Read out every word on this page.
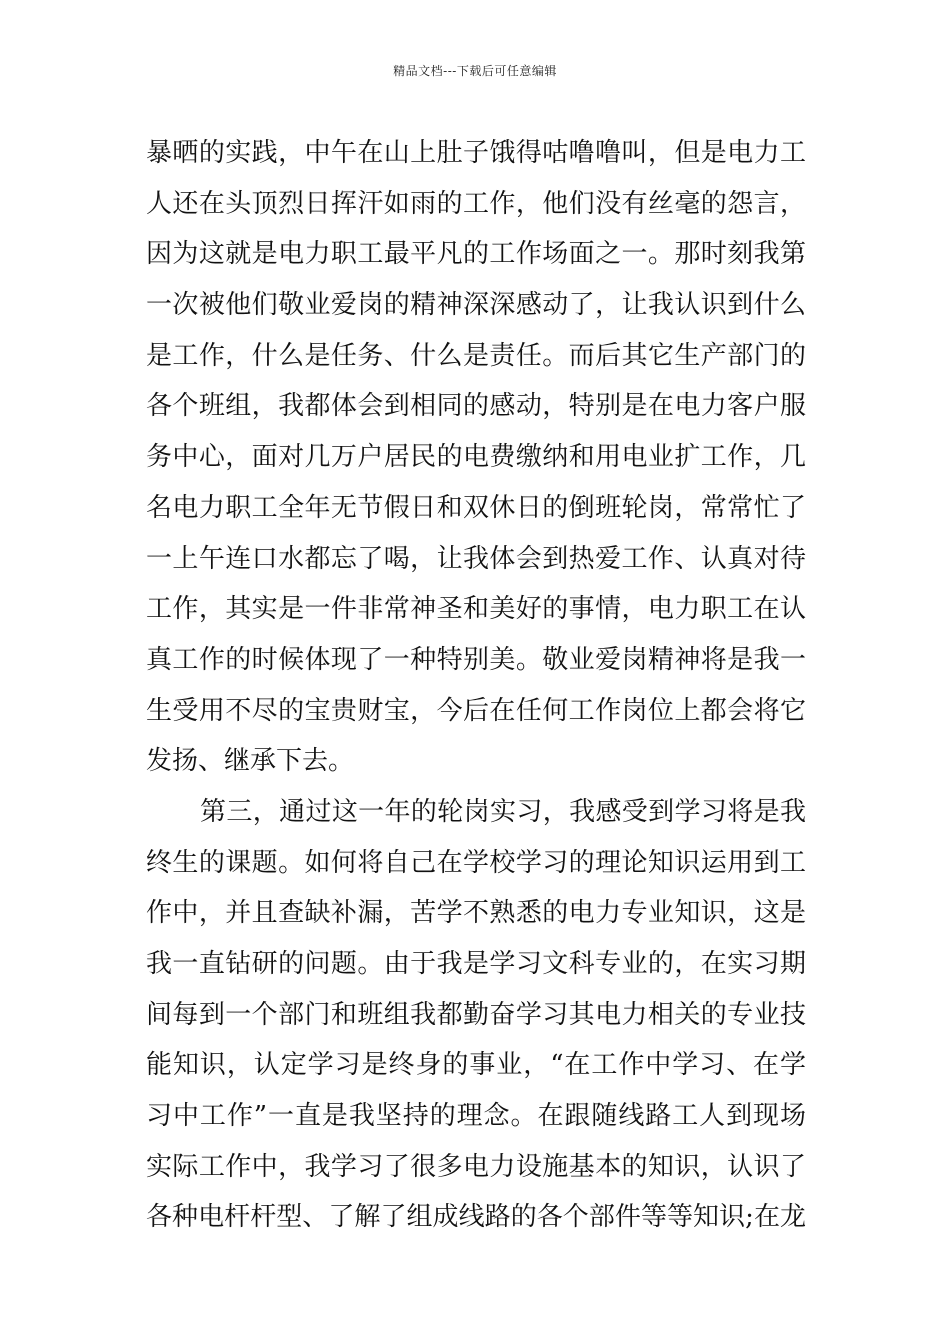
精品文档---下载后可任意编辑
暴晒的实践，中午在山上肚子饿得咕噜噜叫，但是电力工
人还在头顶烈日挥汗如雨的工作，他们没有丝毫的怨言，
因为这就是电力职工最平凡的工作场面之一。那时刻我第
一次被他们敬业爱岗的精神深深感动了，让我认识到什么
是工作，什么是任务、什么是责任。而后其它生产部门的
各个班组，我都体会到相同的感动，特别是在电力客户服
务中心，面对几万户居民的电费缴纳和用电业扩工作，几
名电力职工全年无节假日和双休日的倒班轮岗，常常忙了
一上午连口水都忘了喝，让我体会到热爱工作、认真对待
工作，其实是一件非常神圣和美好的事情，电力职工在认
真工作的时候体现了一种特别美。敬业爱岗精神将是我一
生受用不尽的宝贵财宝，今后在任何工作岗位上都会将它
发扬、继承下去。
第三，通过这一年的轮岗实习，我感受到学习将是我
终生的课题。如何将自己在学校学习的理论知识运用到工
作中，并且查缺补漏，苦学不熟悉的电力专业知识，这是
我一直钻研的问题。由于我是学习文科专业的，在实习期
间每到一个部门和班组我都勤奋学习其电力相关的专业技
能知识，认定学习是终身的事业，“在工作中学习、在学
习中工作”一直是我坚持的理念。在跟随线路工人到现场
实际工作中，我学习了很多电力设施基本的知识，认识了
各种电杆杆型、了解了组成线路的各个部件等等知识;在龙
